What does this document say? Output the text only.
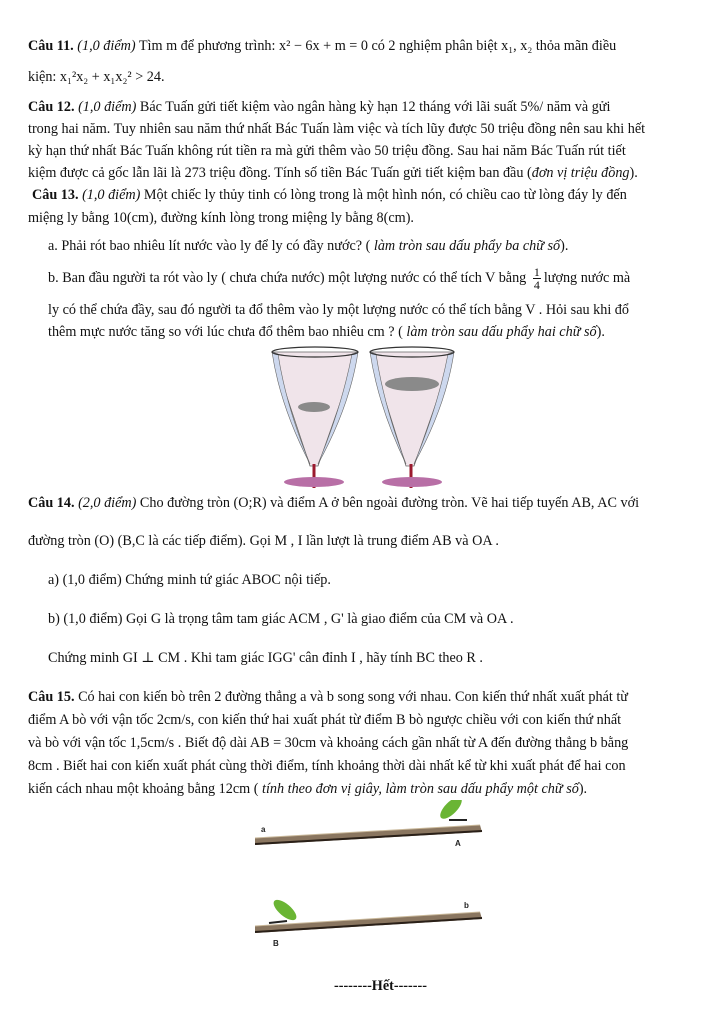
Câu 11. (1,0 điểm) Tìm m để phương trình: x² − 6x + m = 0 có 2 nghiệm phân biệt x₁, x₂ thỏa mãn điều
kiện: x₁²x₂ + x₁x₂² > 24.
Câu 12. (1,0 điểm) Bác Tuấn gửi tiết kiệm vào ngân hàng kỳ hạn 12 tháng với lãi suất 5%/ năm và gửi
trong hai năm. Tuy nhiên sau năm thứ nhất Bác Tuấn làm việc và tích lũy được 50 triệu đồng nên sau khi hết
kỳ hạn thứ nhất Bác Tuấn không rút tiền ra mà gửi thêm vào 50 triệu đồng. Sau hai năm Bác Tuấn rút tiết
kiệm được cả gốc lẫn lãi là 273 triệu đồng. Tính số tiền Bác Tuấn gửi tiết kiệm ban đầu (đơn vị triệu đồng).
Câu 13. (1,0 điểm) Một chiếc ly thủy tinh có lòng trong là một hình nón, có chiều cao từ lòng đáy ly đến
miệng ly bằng 10(cm), đường kính lòng trong miệng ly bằng 8(cm).
a. Phải rót bao nhiêu lít nước vào ly để ly có đầy nước? ( làm tròn sau dấu phẩy ba chữ số).
b. Ban đầu người ta rót vào ly ( chưa chứa nước) một lượng nước có thể tích V bằng $\frac{1}{4}$ lượng nước mà
ly có thể chứa đầy, sau đó người ta đổ thêm vào ly một lượng nước có thể tích bằng V . Hỏi sau khi đổ
thêm mực nước tăng so với lúc chưa đổ thêm bao nhiêu cm ? ( làm tròn sau dấu phẩy hai chữ số).
Câu 14. (2,0 điểm) Cho đường tròn (O;R) và điểm A ở bên ngoài đường tròn. Vẽ hai tiếp tuyến AB, AC với
đường tròn (O) (B,C là các tiếp điểm). Gọi M , I lần lượt là trung điểm AB và OA .
a) (1,0 điểm) Chứng minh tứ giác ABOC nội tiếp.
b) (1,0 điểm) Gọi G là trọng tâm tam giác ACM , G' là giao điểm của CM và OA .
Chứng minh GI ⊥ CM . Khi tam giác IGG' cân đỉnh I , hãy tính BC theo R .
Câu 15. Có hai con kiến bò trên 2 đường thẳng a và b song song với nhau. Con kiến thứ nhất xuất phát từ
điểm A bò với vận tốc 2cm/s, con kiến thứ hai xuất phát từ điểm B bò ngược chiều với con kiến thứ nhất
và bò với vận tốc 1,5cm/s . Biết độ dài AB = 30cm và khoảng cách gần nhất từ A đến đường thẳng b bằng
8cm . Biết hai con kiến xuất phát cùng thời điểm, tính khoảng thời dài nhất kể từ khi xuất phát để hai con
kiến cách nhau một khoảng bằng 12cm ( tính theo đơn vị giây, làm tròn sau dấu phẩy một chữ số).
a
A
b
B
--------Hết-------
